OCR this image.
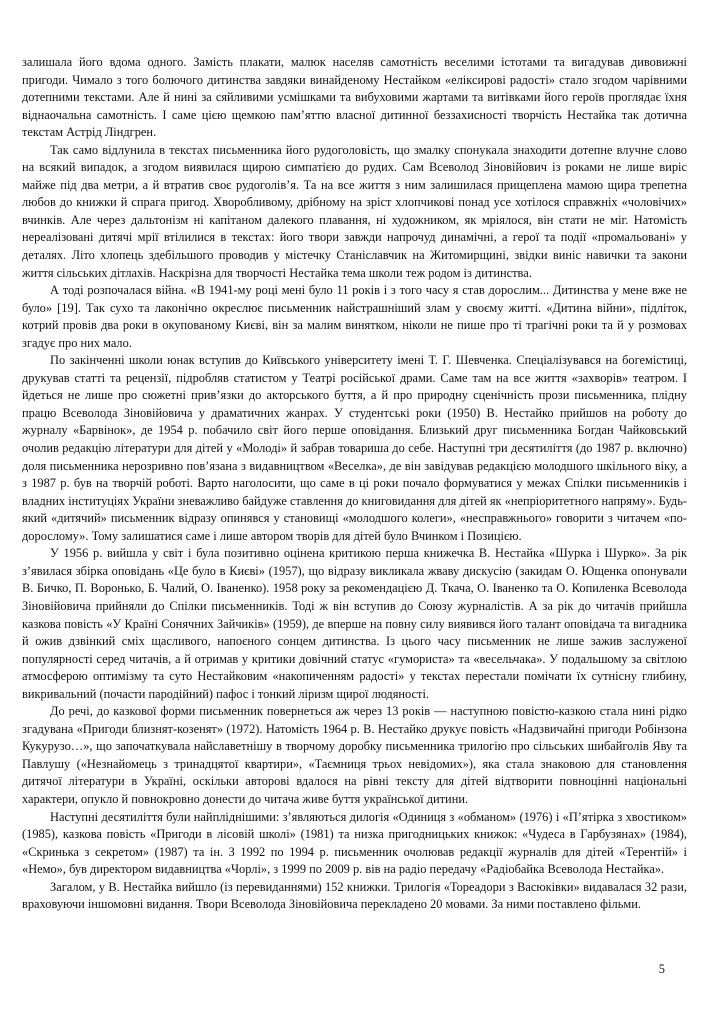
залишала його вдома одного. Замість плакати, малюк населяв самотність веселими істотами та вигадував дивовижні пригоди. Чимало з того болючого дитинства завдяки винайденому Нестайком «еліксирові радості» стало згодом чарівними дотепними текстами. Але й нині за сяйливими усмішками та вибуховими жартами та витівками його героїв проглядає їхня віднаочальна самотність. І саме цією щемкою пам’яттю власної дитинної беззахисності творчість Нестайка так дотична текстам Астрід Ліндгрен.

Так само відлунила в текстах письменника його рудоголовість, що змалку спонукала знаходити дотепне влучне слово на всякий випадок, а згодом виявилася щирою симпатією до рудих. Сам Всеволод Зіновійович із роками не лише виріс майже під два метри, а й втратив своє рудоголів’я. Та на все життя з ним залишилася прищеплена мамою щира трепетна любов до книжки й спрага пригод. Хворобливому, дрібному на зріст хлопчикові понад усе хотілося справжніх «чоловічих» вчинків. Але через дальтонізм ні капітаном далекого плавання, ні художником, як мріялося, він стати не міг. Натомість нереалізовані дитячі мрії втілилися в текстах: його твори завжди напрочуд динамічні, а герої та події «промальовані» у деталях. Літо хлопець здебільшого проводив у містечку Станіславчик на Житомирщині, звідки виніс навички та закони життя сільських дітлахів. Наскрізна для творчості Нестайка тема школи теж родом із дитинства.

А тоді розпочалася війна. «В 1941-му році мені було 11 років і з того часу я став дорослим... Дитинства у мене вже не було» [19]. Так сухо та лаконічно окреслює письменник найстрашніший злам у своєму житті. «Дитина війни», підліток, котрий провів два роки в окупованому Києві, він за малим винятком, ніколи не пише про ті трагічні роки та й у розмовах згадує про них мало.

По закінченні школи юнак вступив до Київського університету імені Т. Г. Шевченка. Спеціалізувався на богемістиці, друкував статті та рецензії, підробляв статистом у Театрі російської драми. Саме там на все життя «захворів» театром. І йдеться не лише про сюжетні прив’язки до акторського буття, а й про природну сценічність прози письменника, плідну працю Всеволода Зіновійовича у драматичних жанрах. У студентські роки (1950) В. Нестайко прийшов на роботу до журналу «Барвінок», де 1954 р. побачило світ його перше оповідання. Близький друг письменника Богдан Чайковський очолив редакцію літератури для дітей у «Молоді» й забрав товариша до себе. Наступні три десятиліття (до 1987 р. включно) доля письменника нерозривно пов’язана з видавництвом «Веселка», де він завідував редакцією молодшого шкільного віку, а з 1987 р. був на творчій роботі. Варто наголосити, що саме в ці роки почало формуватися у межах Спілки письменників і владних інституціях України зневажливо байдуже ставлення до книговидання для дітей як «непріоритетного напряму». Будь-який «дитячий» письменник відразу опинявся у становищі «молодшого колеги», «несправжнього» говорити з читачем «по-дорослому». Тому залишатися саме і лише автором творів для дітей було Вчинком і Позицією.

У 1956 р. вийшла у світ і була позитивно оцінена критикою перша книжечка В. Нестайка «Шурка і Шурко». За рік з’явилася збірка оповідань «Це було в Києві» (1957), що відразу викликала жваву дискусію (закидам О. Ющенка опонували В. Бичко, П. Воронько, Б. Чалий, О. Іваненко). 1958 року за рекомендацією Д. Ткача, О. Іваненко та О. Копиленка Всеволода Зіновійовича прийняли до Спілки письменників. Тоді ж він вступив до Союзу журналістів. А за рік до читачів прийшла казкова повість «У Країні Сонячних Зайчиків» (1959), де вперше на повну силу виявився його талант оповідача та вигадника й ожив дзвінкий сміх щасливого, напоєного сонцем дитинства. Із цього часу письменник не лише зажив заслуженої популярності серед читачів, а й отримав у критики довічний статус «гумориста» та «весельчака». У подальшому за світлою атмосферою оптимізму та суто Нестайковим «накопиченням радості» у текстах перестали помічати їх сутнісну глибину, викривальний (почасти пародійний) пафос і тонкий ліризм щирої людяності.

До речі, до казкової форми письменник повернеться аж через 13 років — наступною повістю-казкою стала нині рідко згадувана «Пригоди близнят-козенят» (1972). Натомість 1964 р. В. Нестайко друкує повість «Надзвичайні пригоди Робінзона Кукурузо…», що започаткувала найславетнішу в творчому доробку письменника трилогію про сільських шибайголів Яву та Павлушу («Незнайомець з тринадцятої квартири», «Таємниця трьох невідомих»), яка стала знаковою для становлення дитячої літератури в Україні, оскільки авторові вдалося на рівні тексту для дітей відтворити повноцінні національні характери, опукло й повнокровно донести до читача живе буття української дитини.

Наступні десятиліття були найпліднішими: з’являються дилогія «Одиниця з «обманом» (1976) і «П’ятірка з хвостиком» (1985), казкова повість «Пригоди в лісовій школі» (1981) та низка пригодницьких книжок: «Чудеса в Гарбузянах» (1984), «Скринька з секретом» (1987) та ін. З 1992 по 1994 р. письменник очолював редакції журналів для дітей «Терентій» і «Немо», був директором видавництва «Чорлі», з 1999 по 2009 р. вів на радіо передачу «Радіобайка Всеволода Нестайка».

Загалом, у В. Нестайка вийшло (із перевиданнями) 152 книжки. Трилогія «Тореадори з Васюківки» видавалася 32 рази, враховуючи іншомовні видання. Твори Всеволода Зіновійовича перекладено 20 мовами. За ними поставлено фільми.

5
